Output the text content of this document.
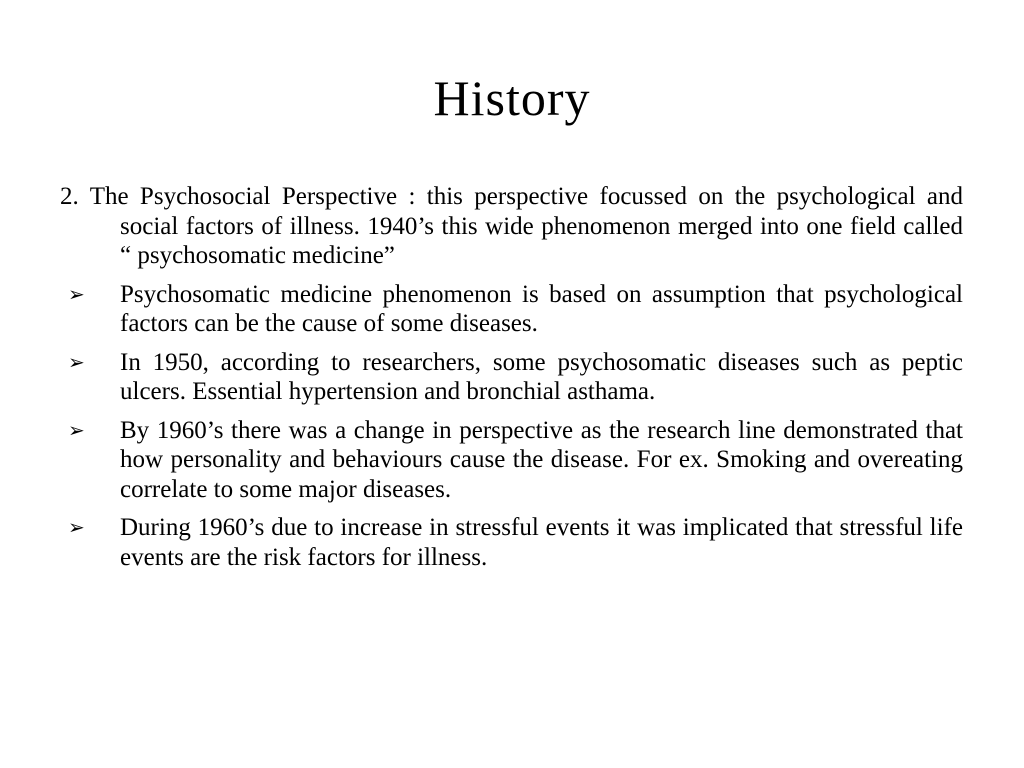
History

2. The Psychosocial Perspective : this perspective focussed on the psychological and social factors of illness. 1940’s this wide phenomenon merged into one field called       “ psychosomatic medicine”

➢	Psychosomatic medicine phenomenon is based on assumption that psychological factors can be the cause of some diseases.
➢	In 1950, according to researchers, some psychosomatic diseases such as peptic ulcers. Essential hypertension and bronchial asthama.
➢	By 1960’s there was a change in perspective as the research line demonstrated that how personality and behaviours cause the disease. For ex. Smoking and overeating correlate to some major diseases.
➢	During 1960’s due to increase in stressful events it was implicated that stressful life events are the risk factors for illness.
